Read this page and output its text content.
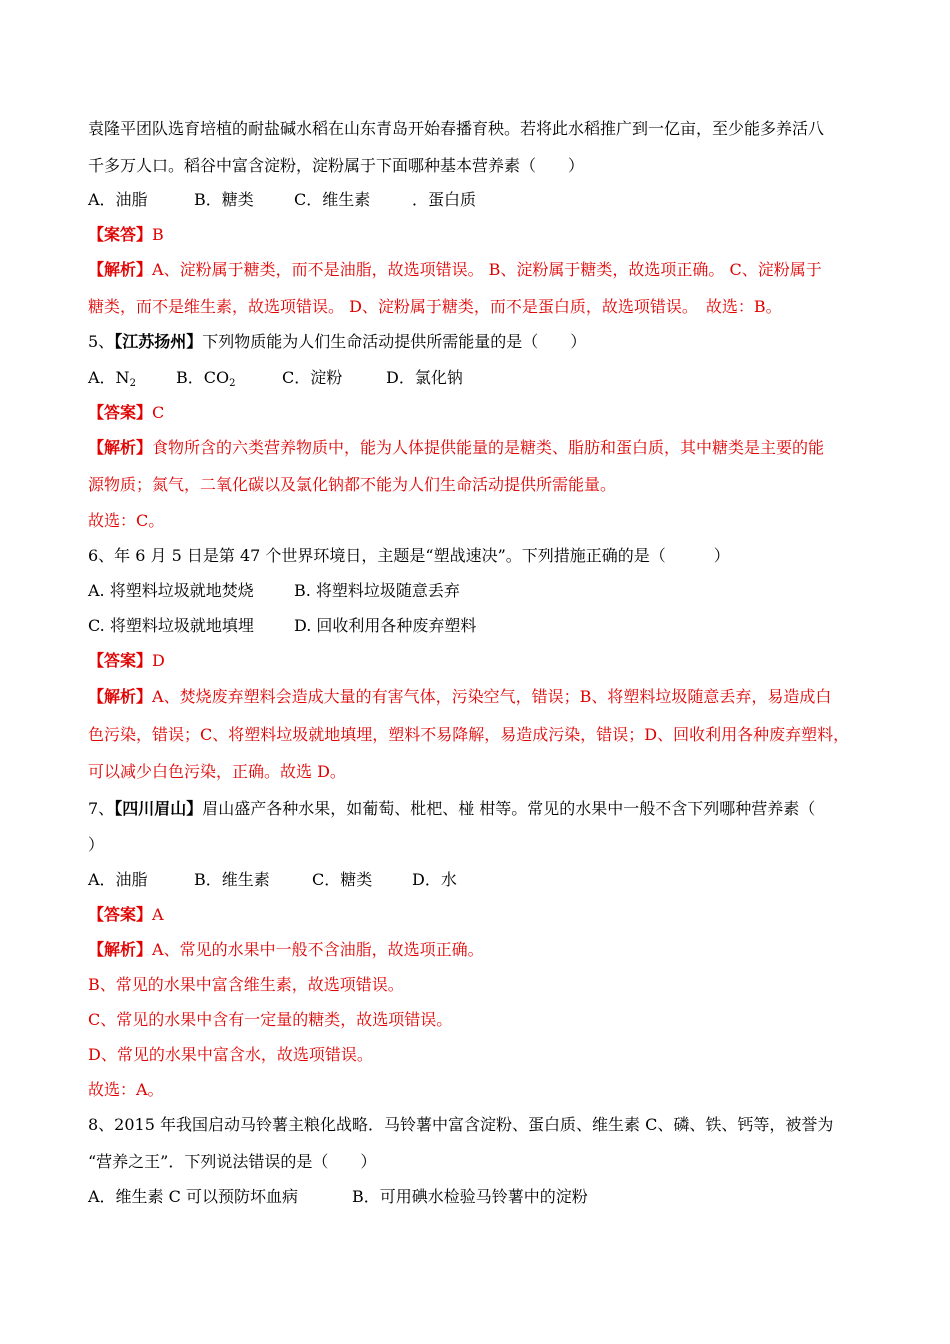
袁隆平团队选育培植的耐盐碱水稻在山东青岛开始春播育秧。若将此水稻推广到一亿亩，至少能多养活八
千多万人口。稻谷中富含淀粉，淀粉属于下面哪种基本营养素（　　）
A．油脂	B．糖类	C．维生素	．蛋白质
【案答】B
【解析】A、淀粉属于糖类，而不是油脂，故选项错误。 B、淀粉属于糖类，故选项正确。 C、淀粉属于
糖类，而不是维生素，故选项错误。 D、淀粉属于糖类，而不是蛋白质，故选项错误。　故选：B。
5、【江苏扬州】下列物质能为人们生命活动提供所需能量的是（　　）
A．$N_2$	B．$CO_2$	C．淀粉	D．氯化钠
【答案】C
【解析】食物所含的六类营养物质中，能为人体提供能量的是糖类、脂肪和蛋白质，其中糖类是主要的能
源物质；氮气，二氧化碳以及氯化钠都不能为人们生命活动提供所需能量。
故选：C。
6、年 6 月 5 日是第 47 个世界环境日，主题是“塑战速决”。下列措施正确的是（　　　）
A. 将塑料垃圾就地焚烧	B. 将塑料垃圾随意丢弃
C. 将塑料垃圾就地填埋	D. 回收利用各种废弃塑料
【答案】D
【解析】A、焚烧废弃塑料会造成大量的有害气体，污染空气，错误；B、将塑料垃圾随意丢弃，易造成白
色污染，错误；C、将塑料垃圾就地填埋，塑料不易降解，易造成污染，错误；D、回收利用各种废弃塑料，
可以减少白色污染，正确。故选 D。
7、【四川眉山】眉山盛产各种水果，如葡萄、枇杷、椪 柑等。常见的水果中一般不含下列哪种营养素（
）
A．油脂	B．维生素	C．糖类 D．水
【答案】A
【解析】A、常见的水果中一般不含油脂，故选项正确。
B、常见的水果中富含维生素，故选项错误。
C、常见的水果中含有一定量的糖类，故选项错误。
D、常见的水果中富含水，故选项错误。
故选：A。
8、2015 年我国启动马铃薯主粮化战略．马铃薯中富含淀粉、蛋白质、维生素 C、磷、铁、钙等，被誉为
“营养之王”．下列说法错误的是（　　）
A．维生素 C 可以预防坏血病	B．可用碘水检验马铃薯中的淀粉
